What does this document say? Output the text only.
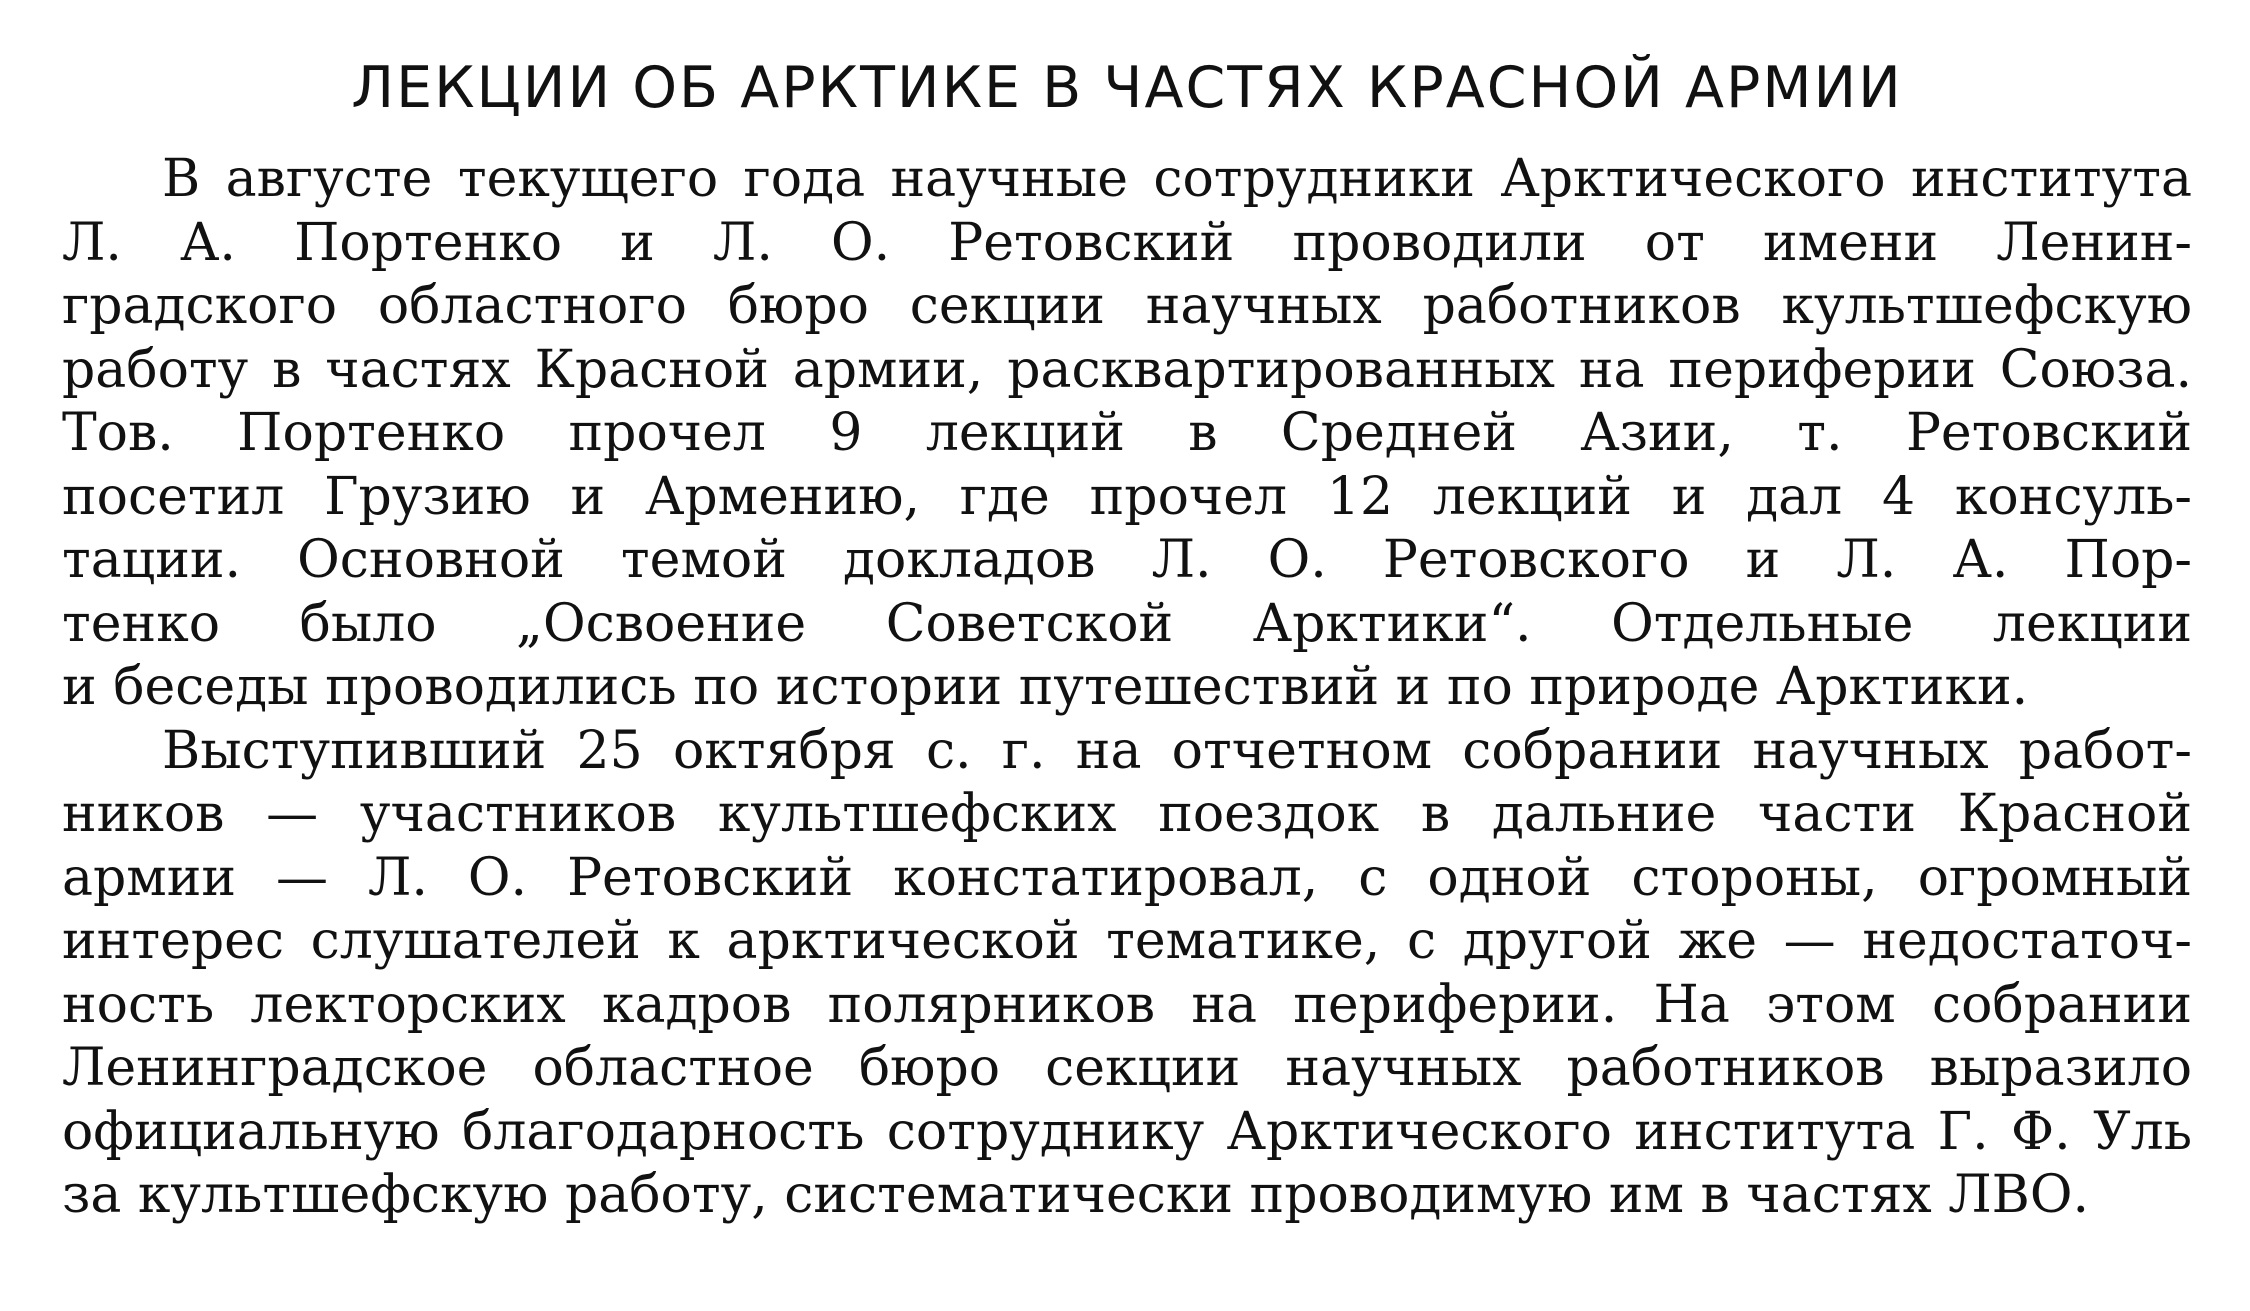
ЛЕКЦИИ ОБ АРКТИКЕ В ЧАСТЯХ КРАСНОЙ АРМИИ

В августе текущего года научные сотрудники Арктического института
Л. А. Портенко и Л. О. Ретовский проводили от имени Ленин-
градского областного бюро секции научных работников культшефскую
работу в частях Красной армии, расквартированных на периферии Союза.
Тов. Портенко прочел 9 лекций в Средней Азии, т. Ретовский
посетил Грузию и Армению, где прочел 12 лекций и дал 4 консуль-
тации. Основной темой докладов Л. О. Ретовского и Л. А. Пор-
тенко было „Освоение Советской Арктики“. Отдельные лекции
и беседы проводились по истории путешествий и по природе Арктики.

Выступивший 25 октября с. г. на отчетном собрании научных работ-
ников — участников культшефских поездок в дальние части Красной
армии — Л. О. Ретовский констатировал, с одной стороны, огромный
интерес слушателей к арктической тематике, с другой же — недостаточ-
ность лекторских кадров полярников на периферии. На этом собрании
Ленинградское областное бюро секции научных работников выразило
официальную благодарность сотруднику Арктического института Г. Ф. Уль
за культшефскую работу, систематически проводимую им в частях ЛВО.
